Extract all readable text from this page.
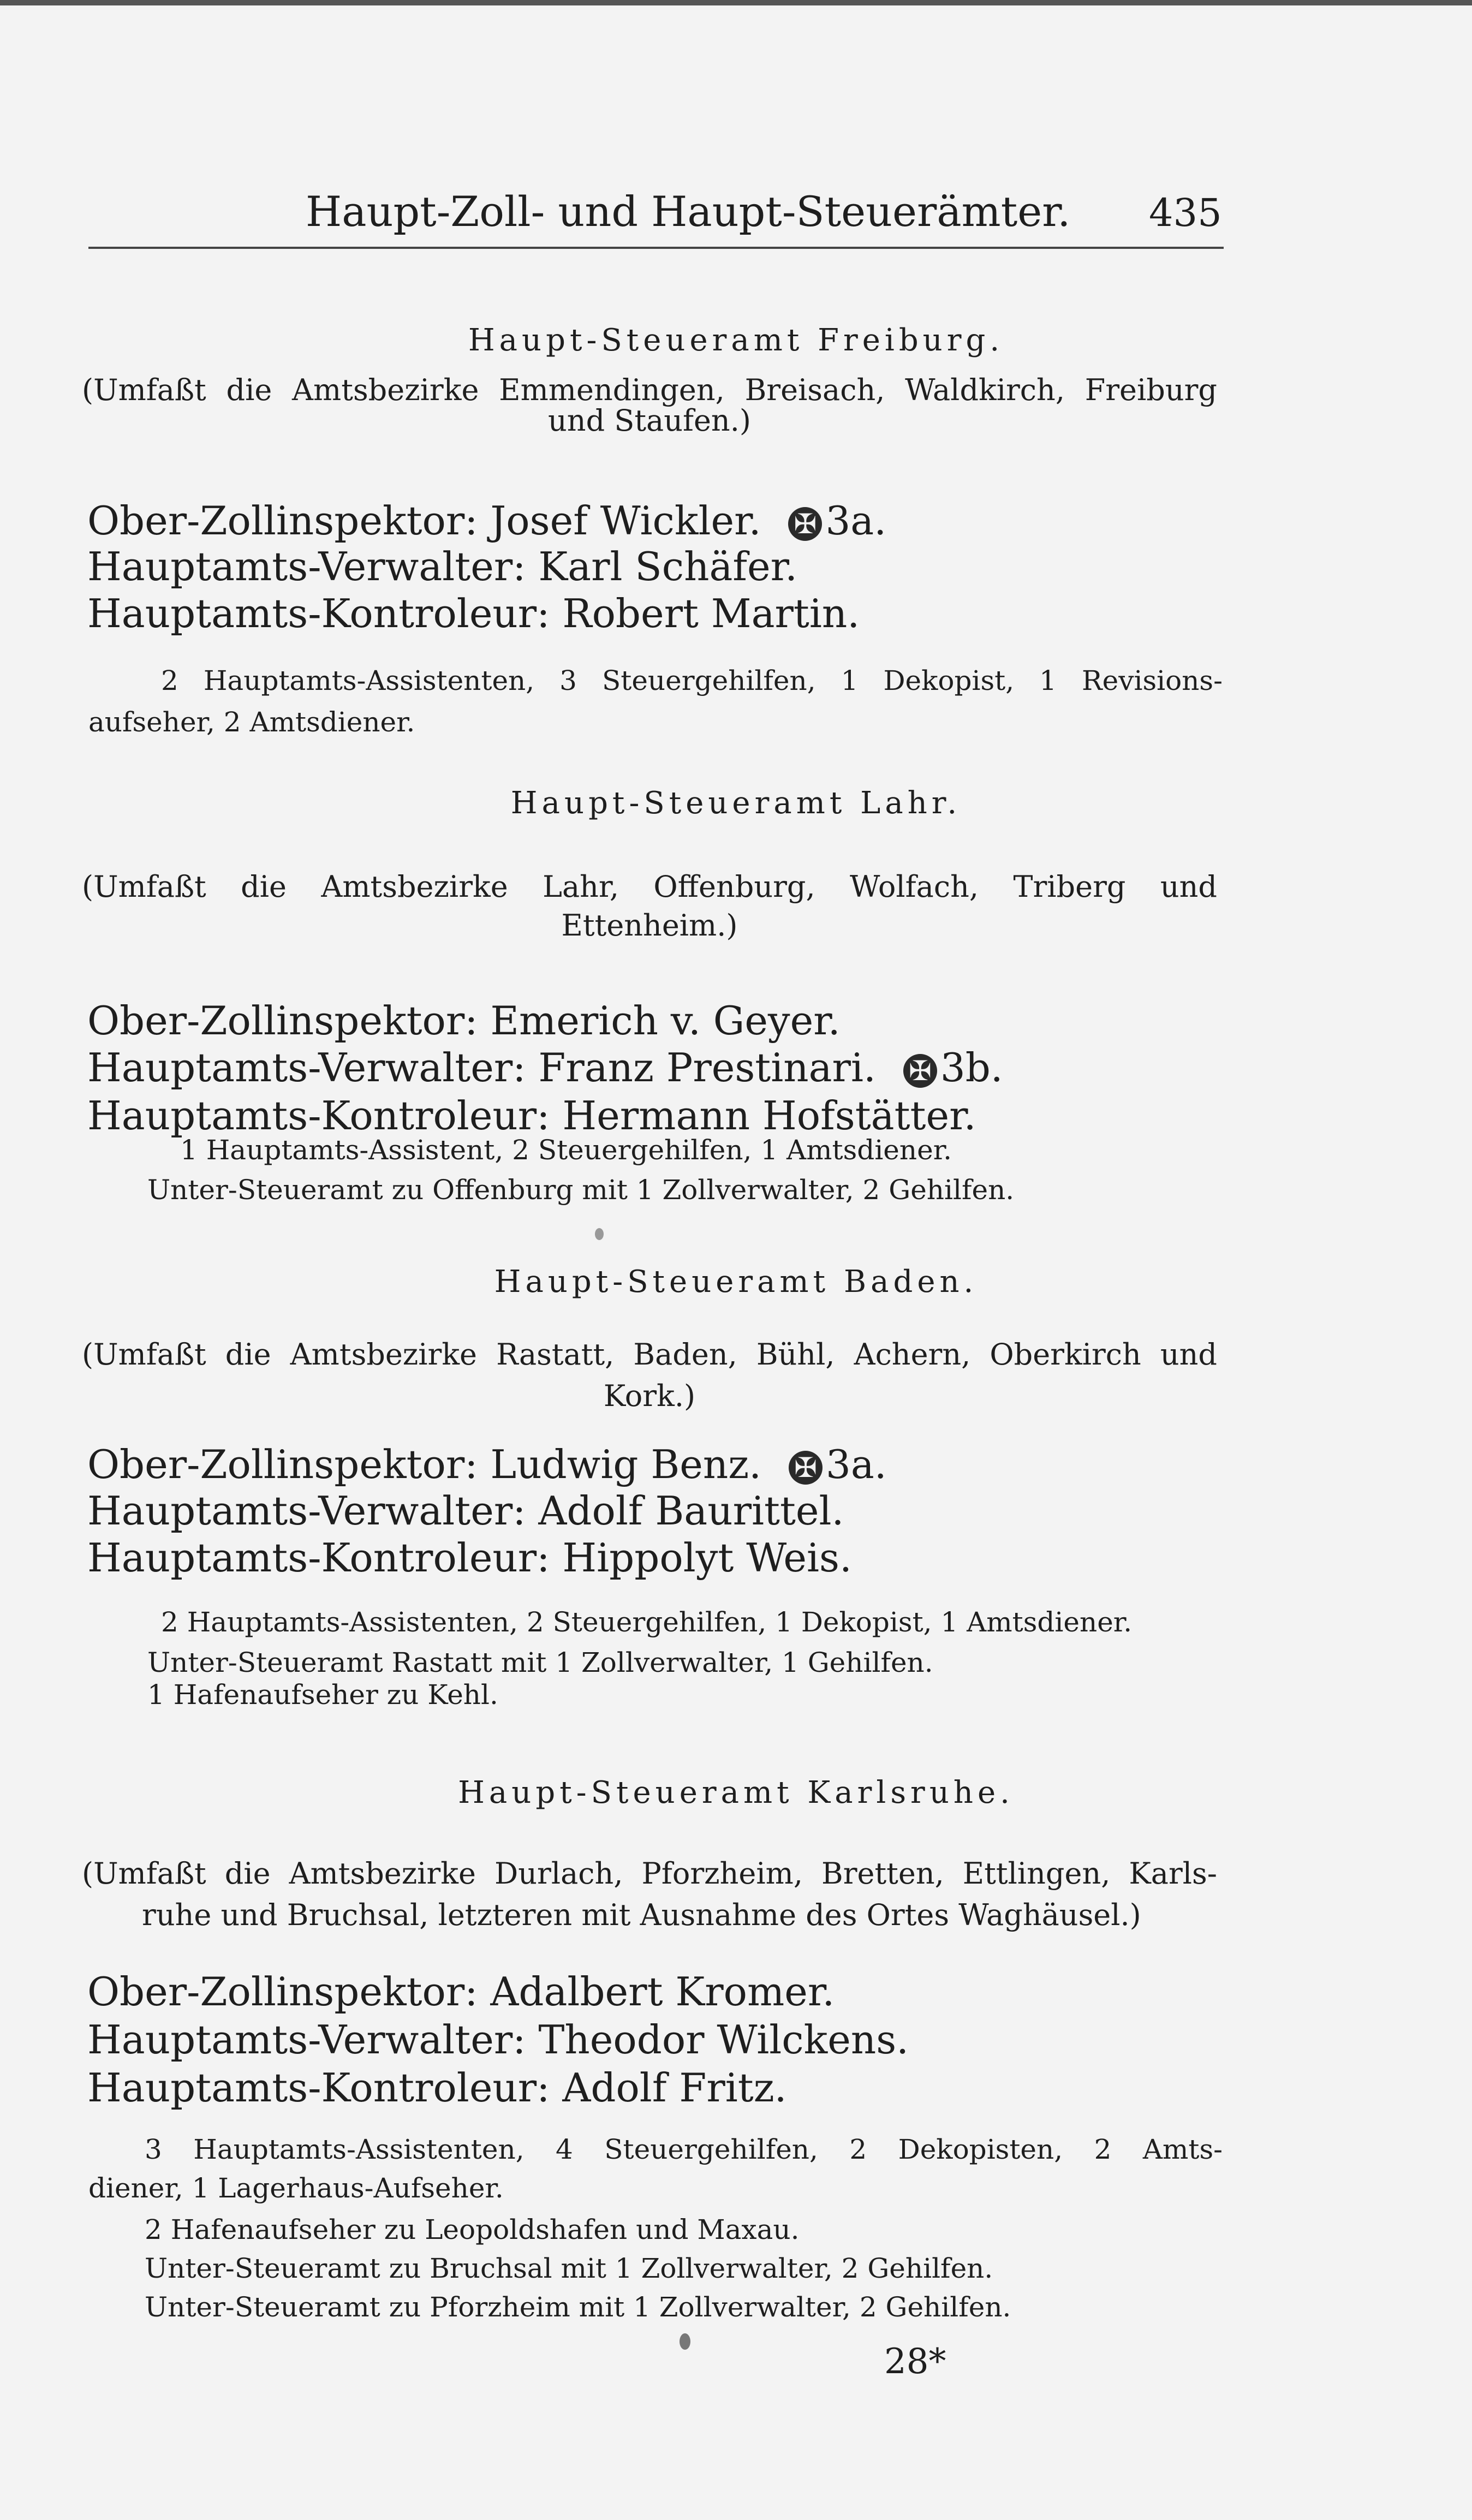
Haupt-Zoll- und Haupt-Steuerämter. 435
Haupt-Steueramt Freiburg.
(Umfaßt die Amtsbezirke Emmendingen, Breisach, Waldkirch, Freiburg
und Staufen.)
Ober-Zollinspektor: Josef Wickler. ✠ 3a.
Hauptamts-Verwalter: Karl Schäfer.
Hauptamts-Kontroleur: Robert Martin.
2 Hauptamts-Assistenten, 3 Steuergehilfen, 1 Dekopist, 1 Revisions-
aufseher, 2 Amtsdiener.
Haupt-Steueramt Lahr.
(Umfaßt die Amtsbezirke Lahr, Offenburg, Wolfach, Triberg und
Ettenheim.)
Ober-Zollinspektor: Emerich v. Geyer.
Hauptamts-Verwalter: Franz Prestinari. ✠ 3b.
Hauptamts-Kontroleur: Hermann Hofstätter.
1 Hauptamts-Assistent, 2 Steuergehilfen, 1 Amtsdiener.
Unter-Steueramt zu Offenburg mit 1 Zollverwalter, 2 Gehilfen.
Haupt-Steueramt Baden.
(Umfaßt die Amtsbezirke Rastatt, Baden, Bühl, Achern, Oberkirch und
Kork.)
Ober-Zollinspektor: Ludwig Benz. ✠ 3a.
Hauptamts-Verwalter: Adolf Baurittel.
Hauptamts-Kontroleur: Hippolyt Weis.
2 Hauptamts-Assistenten, 2 Steuergehilfen, 1 Dekopist, 1 Amtsdiener.
Unter-Steueramt Rastatt mit 1 Zollverwalter, 1 Gehilfen.
1 Hafenaufseher zu Kehl.
Haupt-Steueramt Karlsruhe.
(Umfaßt die Amtsbezirke Durlach, Pforzheim, Bretten, Ettlingen, Karls-
ruhe und Bruchsal, letzteren mit Ausnahme des Ortes Waghäusel.)
Ober-Zollinspektor: Adalbert Kromer.
Hauptamts-Verwalter: Theodor Wilckens.
Hauptamts-Kontroleur: Adolf Fritz.
3 Hauptamts-Assistenten, 4 Steuergehilfen, 2 Dekopisten, 2 Amts-
diener, 1 Lagerhaus-Aufseher.
2 Hafenaufseher zu Leopoldshafen und Maxau.
Unter-Steueramt zu Bruchsal mit 1 Zollverwalter, 2 Gehilfen.
Unter-Steueramt zu Pforzheim mit 1 Zollverwalter, 2 Gehilfen.
28*
